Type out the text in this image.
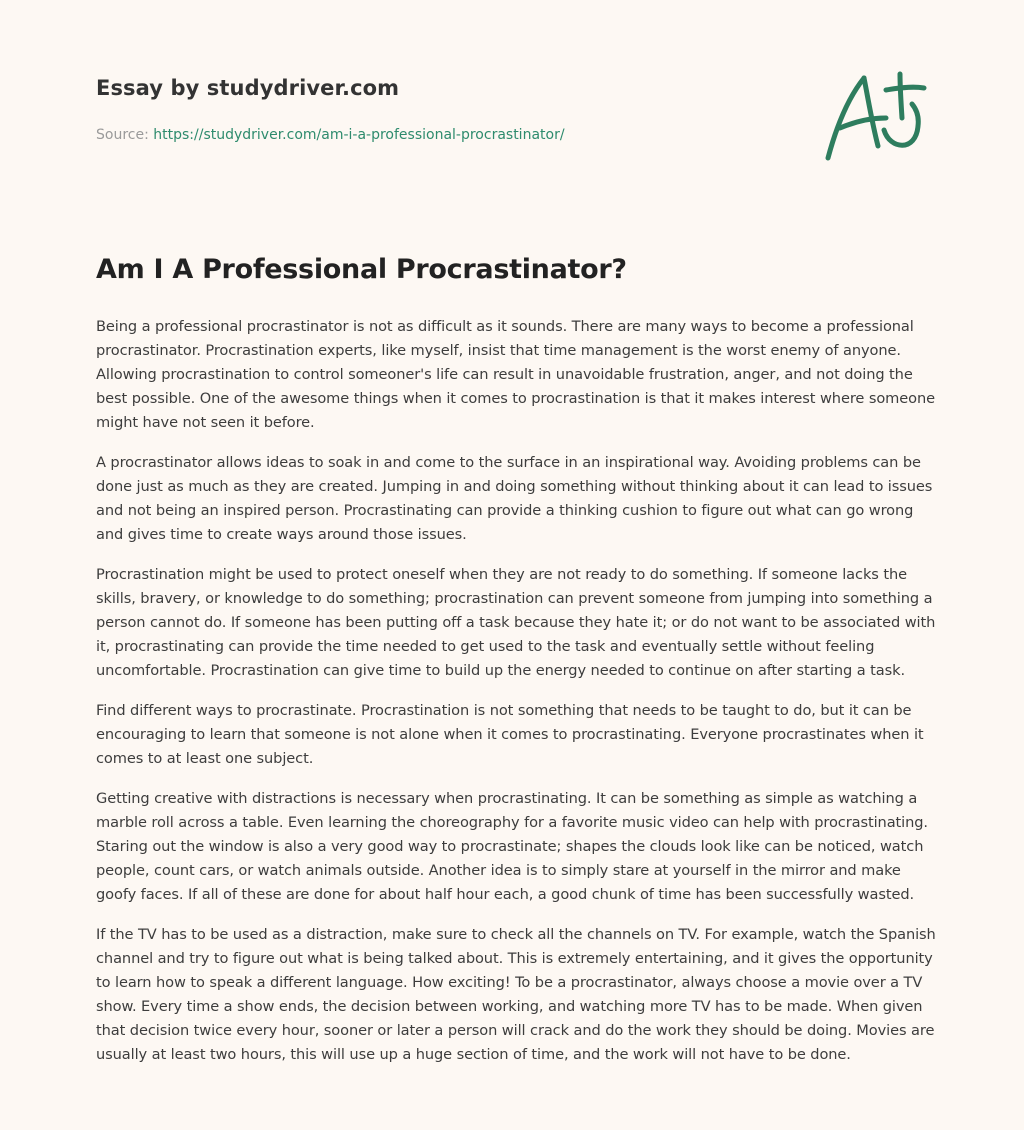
Essay by studydriver.com
Source: https://studydriver.com/am-i-a-professional-procrastinator/
Am I A Professional Procrastinator?

Being a professional procrastinator is not as difficult as it sounds. There are many ways to become a professional procrastinator. Procrastination experts, like myself, insist that time management is the worst enemy of anyone. Allowing procrastination to control someoner's life can result in unavoidable frustration, anger, and not doing the best possible. One of the awesome things when it comes to procrastination is that it makes interest where someone might have not seen it before.

A procrastinator allows ideas to soak in and come to the surface in an inspirational way. Avoiding problems can be done just as much as they are created. Jumping in and doing something without thinking about it can lead to issues and not being an inspired person. Procrastinating can provide a thinking cushion to figure out what can go wrong and gives time to create ways around those issues.

Procrastination might be used to protect oneself when they are not ready to do something. If someone lacks the skills, bravery, or knowledge to do something; procrastination can prevent someone from jumping into something a person cannot do. If someone has been putting off a task because they hate it; or do not want to be associated with it, procrastinating can provide the time needed to get used to the task and eventually settle without feeling uncomfortable. Procrastination can give time to build up the energy needed to continue on after starting a task.

Find different ways to procrastinate. Procrastination is not something that needs to be taught to do, but it can be encouraging to learn that someone is not alone when it comes to procrastinating. Everyone procrastinates when it comes to at least one subject.

Getting creative with distractions is necessary when procrastinating. It can be something as simple as watching a marble roll across a table. Even learning the choreography for a favorite music video can help with procrastinating. Staring out the window is also a very good way to procrastinate; shapes the clouds look like can be noticed, watch people, count cars, or watch animals outside. Another idea is to simply stare at yourself in the mirror and make goofy faces. If all of these are done for about half hour each, a good chunk of time has been successfully wasted.

If the TV has to be used as a distraction, make sure to check all the channels on TV. For example, watch the Spanish channel and try to figure out what is being talked about. This is extremely entertaining, and it gives the opportunity to learn how to speak a different language. How exciting! To be a procrastinator, always choose a movie over a TV show. Every time a show ends, the decision between working, and watching more TV has to be made. When given that decision twice every hour, sooner or later a person will crack and do the work they should be doing. Movies are usually at least two hours, this will use up a huge section of time, and the work will not have to be done.
